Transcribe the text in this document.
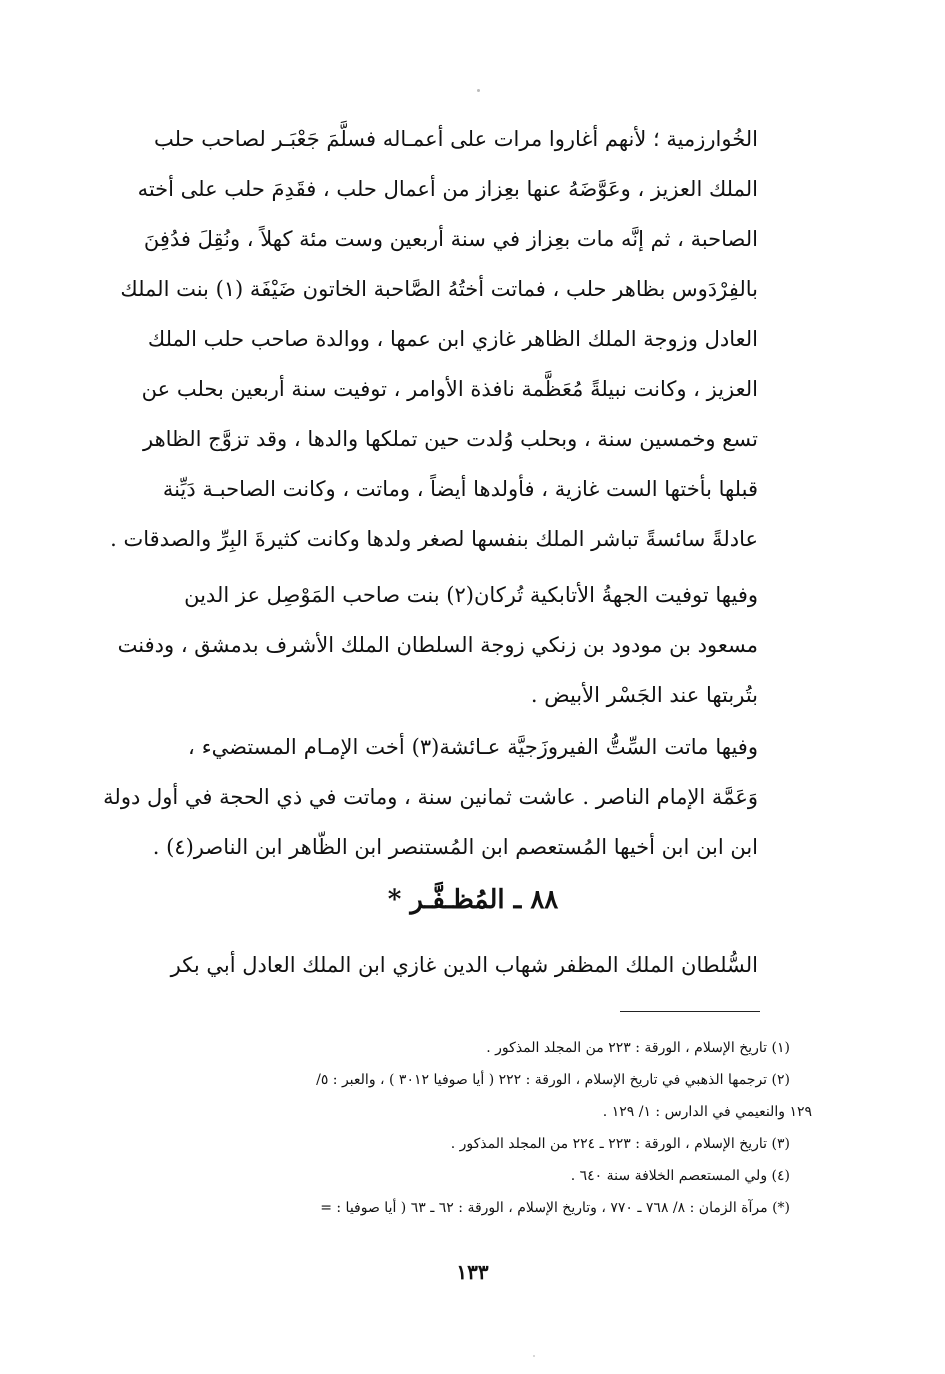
الخُوارزمية ؛ لأنهم أغاروا مرات على أعمـاله فسلَّمَ جَعْبَـر لصاحب حلب
الملك العزيز ، وعَوَّضَهُ عنها بعِزاز من أعمال حلب ، فقَدِمَ حلب على أخته
الصاحبة ، ثم إنَّه مات بعِزاز في سنة أربعين وست مئة كهلاً ، ونُقِلَ فدُفِنَ
بالفِرْدَوس بظاهر حلب ، فماتت أختُهُ الصَّاحبة الخاتون ضَيْفَة (١) بنت الملك
العادل وزوجة الملك الظاهر غازي ابن عمها ، ووالدة صاحب حلب الملك
العزيز ، وكانت نبيلةً مُعَظَّمة نافذة الأوامر ، توفيت سنة أربعين بحلب عن
تسع وخمسين سنة ، وبحلب وُلدت حين تملكها والدها ، وقد تزوَّج الظاهر
قبلها بأختها الست غازية ، فأولدها أيضاً ، وماتت ، وكانت الصاحبـة دَيِّنة
عادلةً سائسةً تباشر الملك بنفسها لصغر ولدها وكانت كثيرةَ البِرِّ والصدقات .
وفيها توفيت الجهةُ الأتابكية تُركان(٢) بنت صاحب المَوْصِل عز الدين
مسعود بن مودود بن زنكي زوجة السلطان الملك الأشرف بدمشق ، ودفنت
بتُربتها عند الجَسْر الأبيض .
وفيها ماتت السِّتُّ الفيروزَجيَّة عـائشة(٣) أخت الإمـام المستضيء ،
وَعَمَّة الإمام الناصر . عاشت ثمانين سنة ، وماتت في ذي الحجة في أول دولة
ابن ابن ابن أخيها المُستعصم ابن المُستنصر ابن الظّاهر ابن الناصر(٤) .
٨٨ ـ المُظـفَّـر *
السُّلطان الملك المظفر شهاب الدين غازي ابن الملك العادل أبي بكر
(١) تاريخ الإسلام ، الورقة : ٢٢٣ من المجلد المذكور .
(٢) ترجمها الذهبي في تاريخ الإسلام ، الورقة : ٢٢٢ ( أيا صوفيا ٣٠١٢ ) ، والعبر : ٥/
١٢٩ والنعيمي في الدارس : ١/ ١٢٩ .
(٣) تاريخ الإسلام ، الورقة : ٢٢٣ ـ ٢٢٤ من المجلد المذكور .
(٤) ولي المستعصم الخلافة سنة ٦٤٠ .
(*) مرآة الزمان : ٨/ ٧٦٨ ـ ٧٧٠ ، وتاريخ الإسلام ، الورقة : ٦٢ ـ ٦٣ ( أيا صوفيا : =
١٣٣
